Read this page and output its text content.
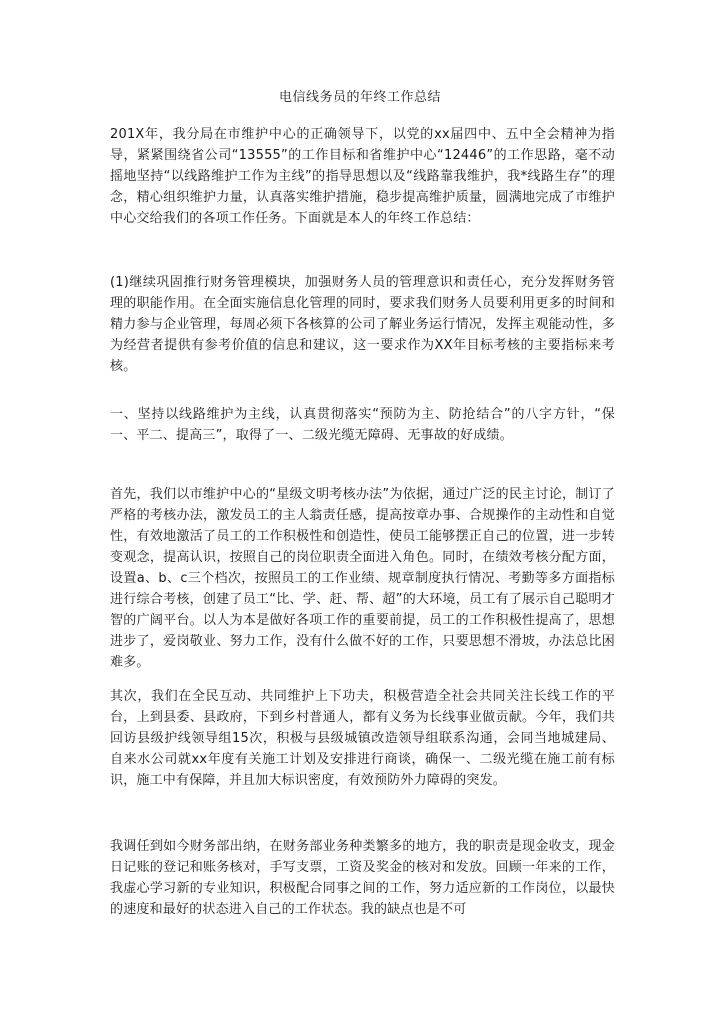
电信线务员的年终工作总结

201X年，我分局在市维护中心的正确领导下，以党的xx届四中、五中全会精神为指导，紧紧围绕省公司“13555”的工作目标和省维护中心“12446”的工作思路，毫不动摇地坚持“以线路维护工作为主线”的指导思想以及“线路靠我维护，我*线路生存”的理念，精心组织维护力量，认真落实维护措施，稳步提高维护质量，圆满地完成了市维护中心交给我们的各项工作任务。下面就是本人的年终工作总结：

(1)继续巩固推行财务管理模块，加强财务人员的管理意识和责任心，充分发挥财务管理的职能作用。在全面实施信息化管理的同时，要求我们财务人员要利用更多的时间和精力参与企业管理，每周必须下各核算的公司了解业务运行情况，发挥主观能动性，多为经营者提供有参考价值的信息和建议，这一要求作为XX年目标考核的主要指标来考核。

一、坚持以线路维护为主线，认真贯彻落实“预防为主、防抢结合”的八字方针，“保一、平二、提高三”，取得了一、二级光缆无障碍、无事故的好成绩。

首先，我们以市维护中心的“星级文明考核办法”为依据，通过广泛的民主讨论，制订了严格的考核办法，激发员工的主人翁责任感，提高按章办事、合规操作的主动性和自觉性，有效地激活了员工的工作积极性和创造性，使员工能够摆正自己的位置，进一步转变观念，提高认识，按照自己的岗位职责全面进入角色。同时，在绩效考核分配方面，设置a、b、c三个档次，按照员工的工作业绩、规章制度执行情况、考勤等多方面指标进行综合考核，创建了员工“比、学、赶、帮、超”的大环境，员工有了展示自己聪明才智的广阔平台。以人为本是做好各项工作的重要前提，员工的工作积极性提高了，思想进步了，爱岗敬业、努力工作，没有什么做不好的工作，只要思想不滑坡，办法总比困难多。

其次，我们在全民互动、共同维护上下功夫，积极营造全社会共同关注长线工作的平台，上到县委、县政府，下到乡村普通人，都有义务为长线事业做贡献。今年，我们共回访县级护线领导组15次，积极与县级城镇改造领导组联系沟通，会同当地城建局、自来水公司就xx年度有关施工计划及安排进行商谈，确保一、二级光缆在施工前有标识，施工中有保障，并且加大标识密度，有效预防外力障碍的突发。

我调任到如今财务部出纳，在财务部业务种类繁多的地方，我的职责是现金收支，现金日记账的登记和账务核对，手写支票，工资及奖金的核对和发放。回顾一年来的工作，我虚心学习新的专业知识，积极配合同事之间的工作，努力适应新的工作岗位，以最快的速度和最好的状态进入自己的工作状态。我的缺点也是不可
